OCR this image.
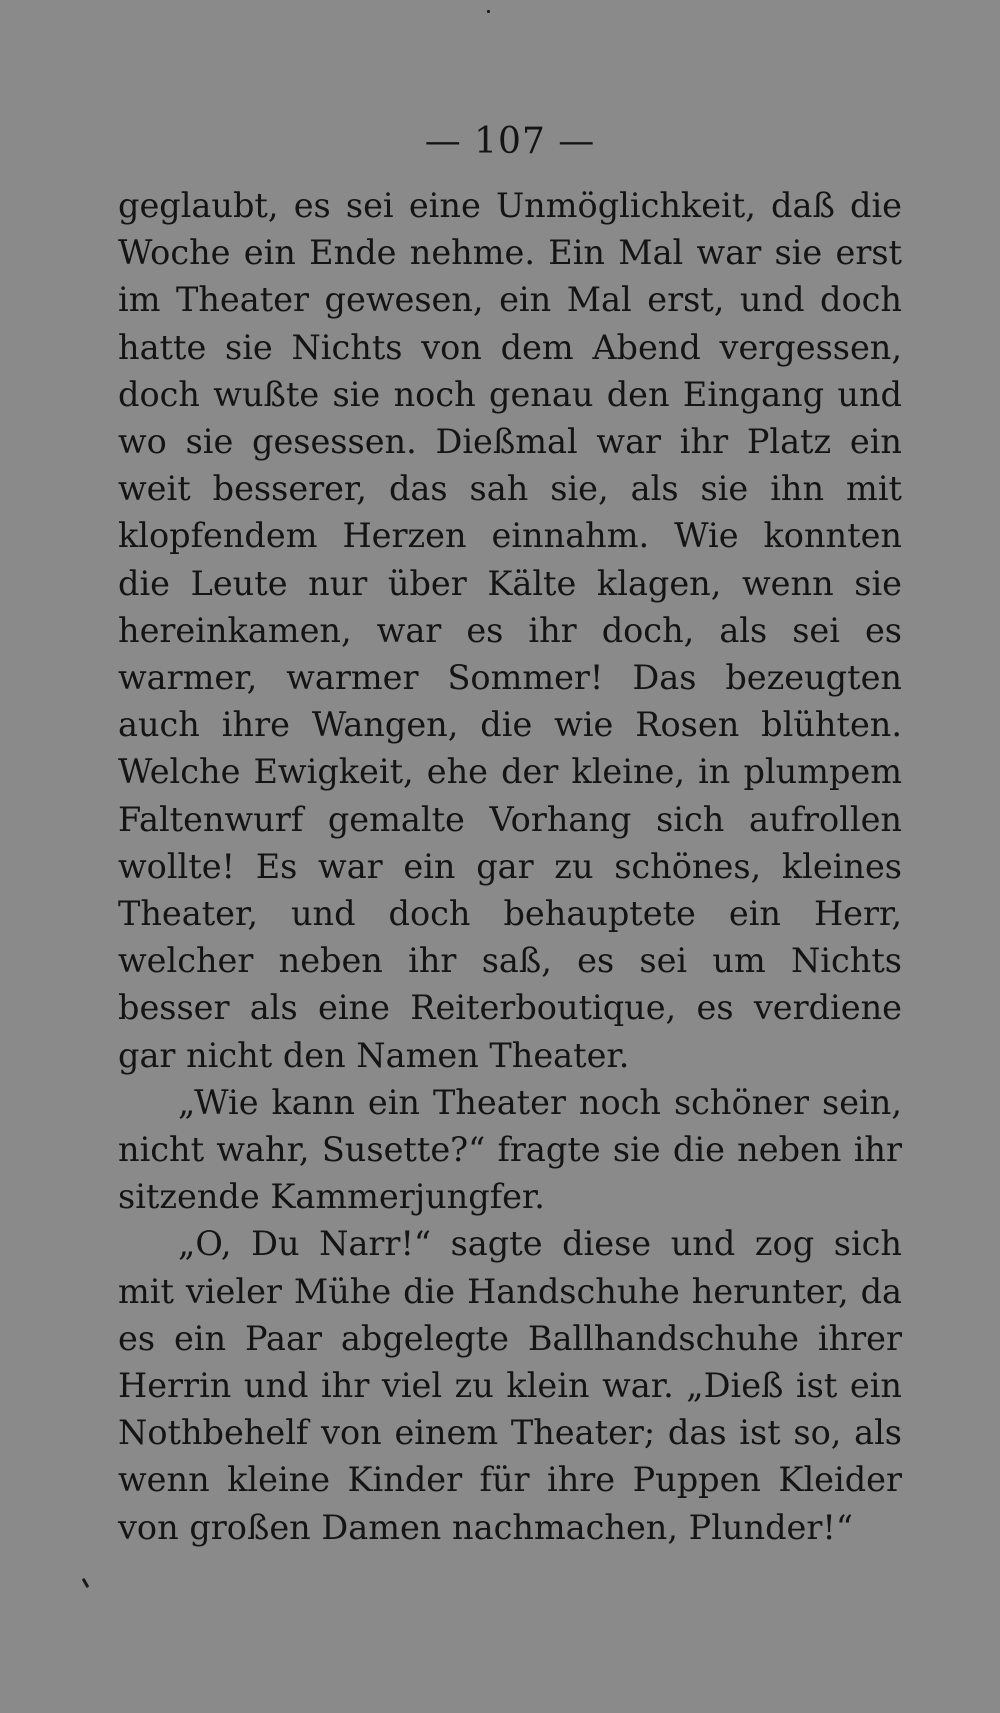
— 107 —

geglaubt, es sei eine Unmöglichkeit, daß die Woche ein Ende nehme. Ein Mal war sie erst im Theater gewesen, ein Mal erst, und doch hatte sie Nichts von dem Abend vergessen, doch wußte sie noch genau den Eingang und wo sie gesessen. Dießmal war ihr Platz ein weit besserer, das sah sie, als sie ihn mit klopfendem Herzen einnahm. Wie konnten die Leute nur über Kälte klagen, wenn sie hereinkamen, war es ihr doch, als sei es warmer, warmer Sommer! Das bezeugten auch ihre Wangen, die wie Rosen blühten. Welche Ewigkeit, ehe der kleine, in plumpem Faltenwurf gemalte Vorhang sich aufrollen wollte! Es war ein gar zu schönes, kleines Theater, und doch behauptete ein Herr, welcher neben ihr saß, es sei um Nichts besser als eine Reiterboutique, es verdiene gar nicht den Namen Theater.

„Wie kann ein Theater noch schöner sein, nicht wahr, Susette?“ fragte sie die neben ihr sitzende Kammerjungfer.

„O, Du Narr!“ sagte diese und zog sich mit vieler Mühe die Handschuhe herunter, da es ein Paar abgelegte Ballhandschuhe ihrer Herrin und ihr viel zu klein war. „Dieß ist ein Nothbehelf von einem Theater; das ist so, als wenn kleine Kinder für ihre Puppen Kleider von großen Damen nachmachen, Plunder!“
